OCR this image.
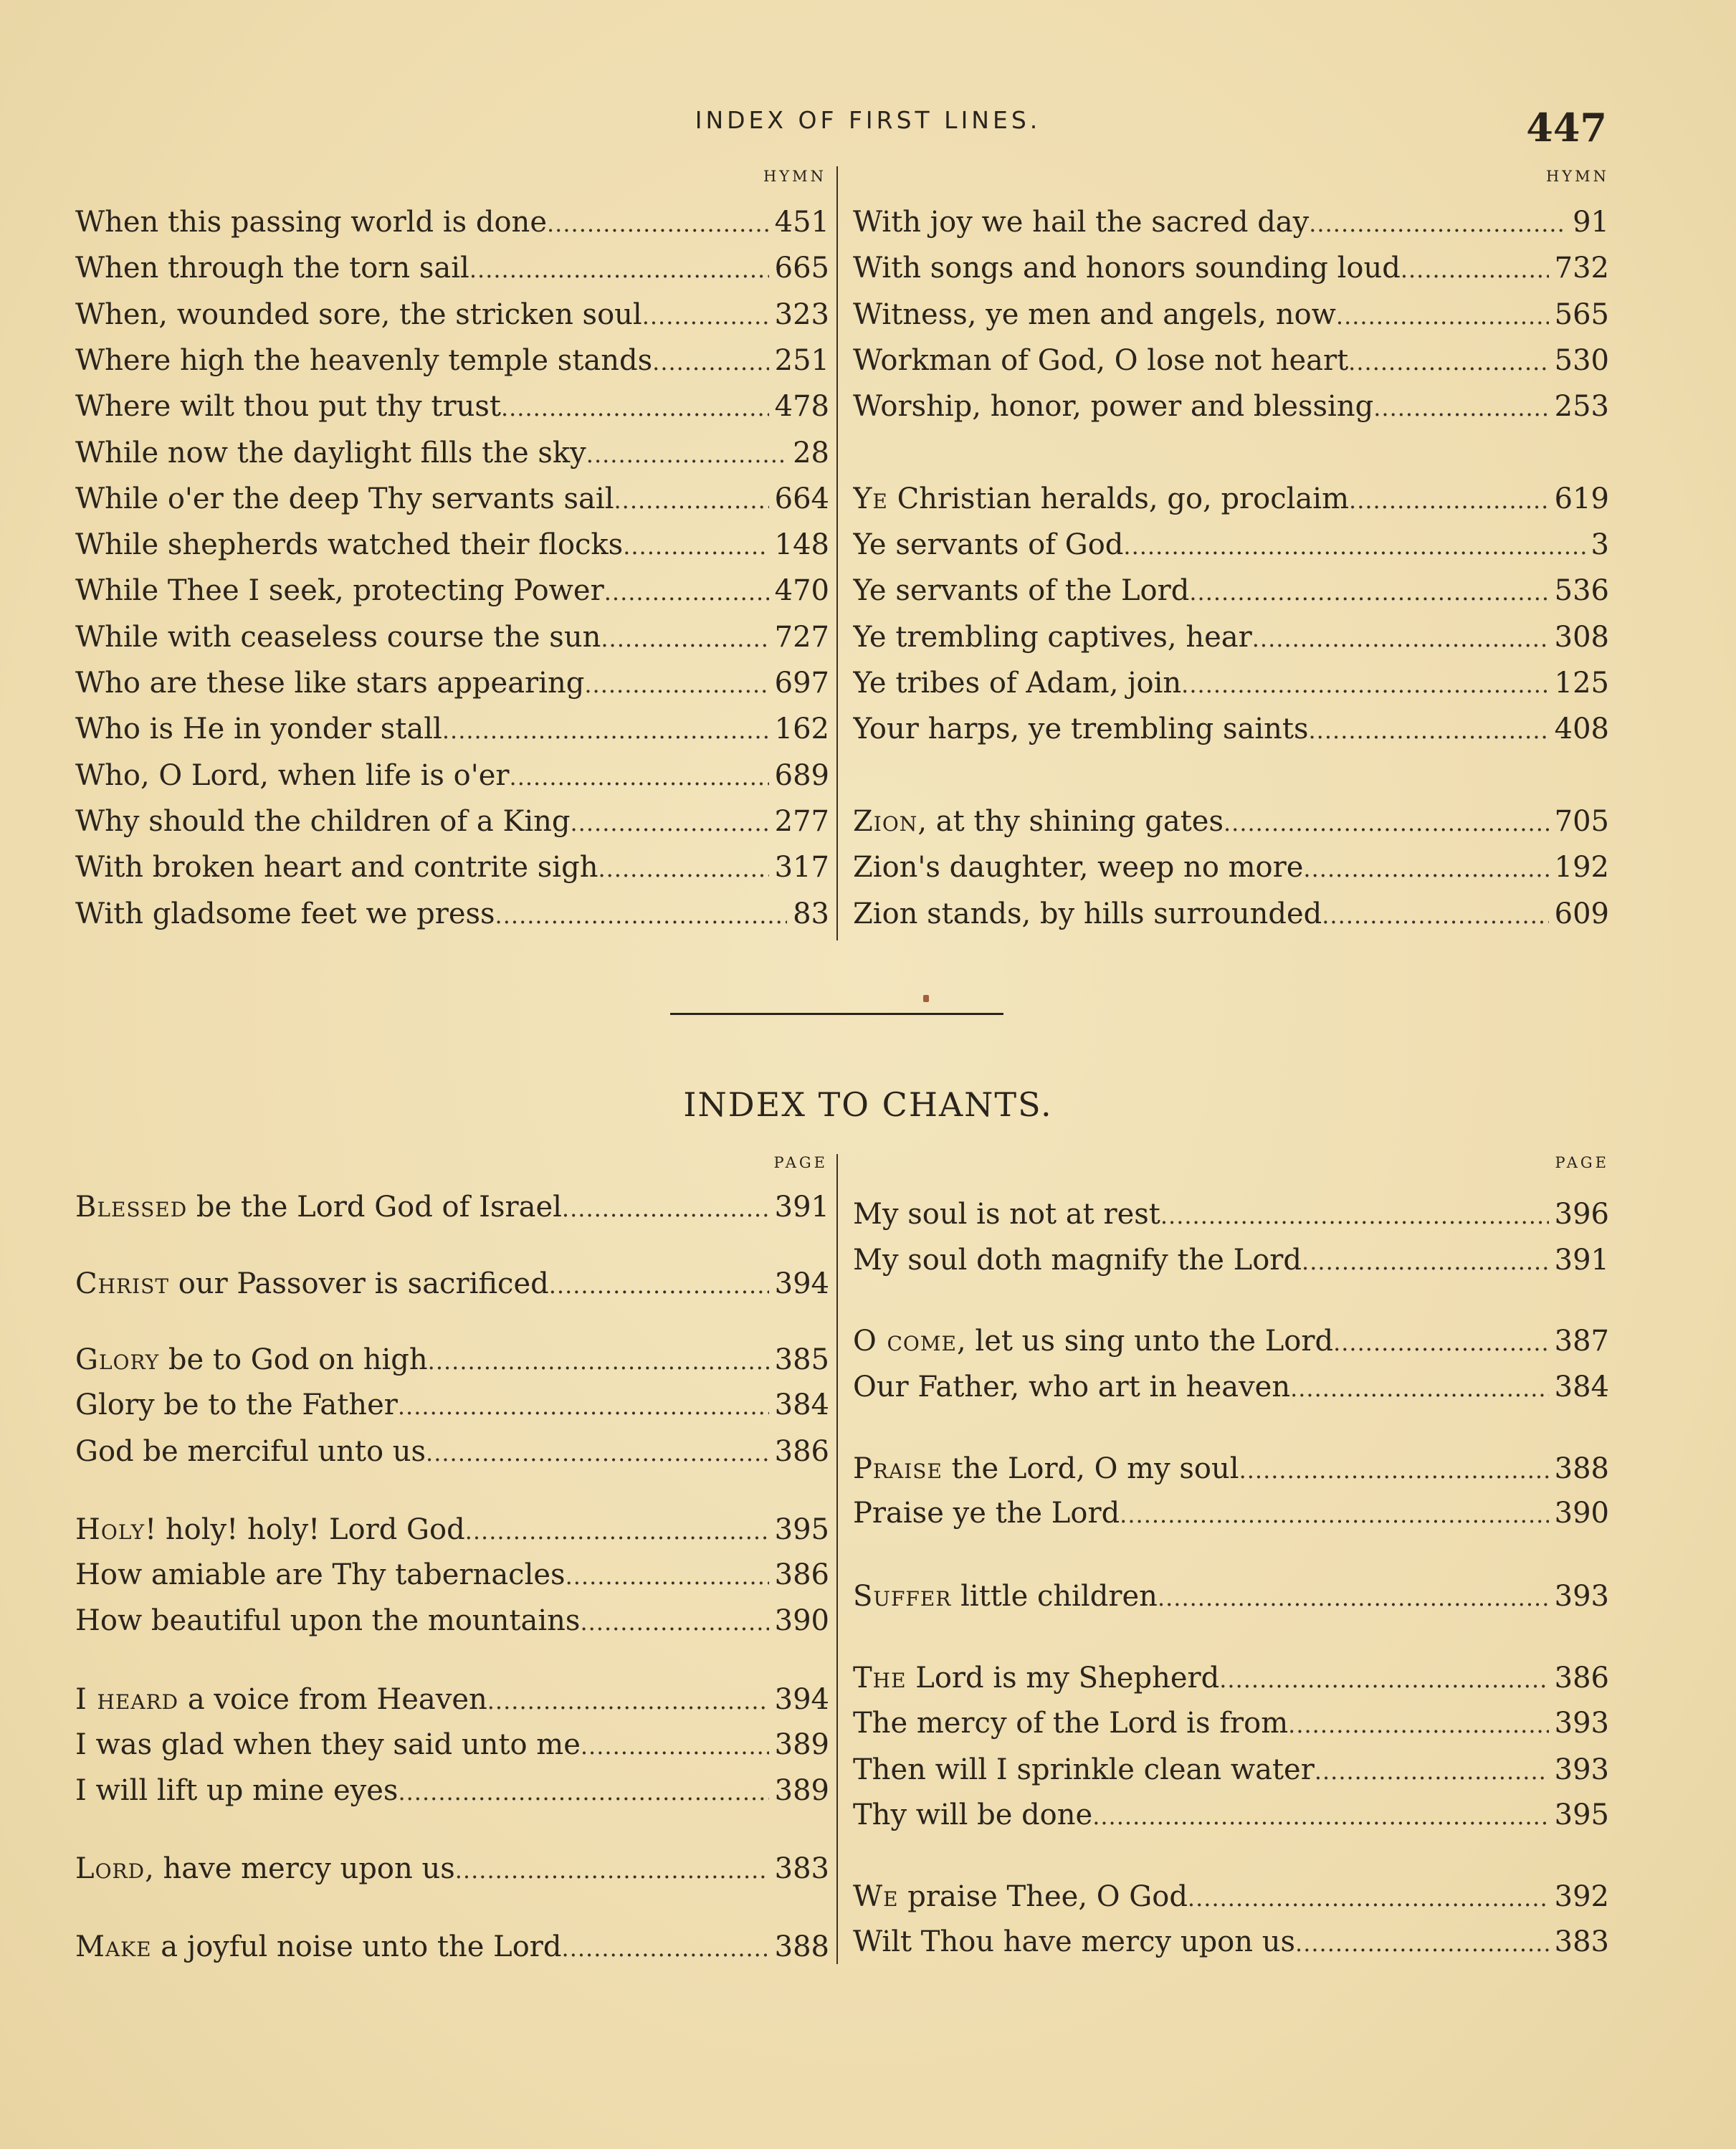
INDEX OF FIRST LINES.	447
HYMN
When this passing world is done .....	451
When through the torn sail .....	665
When, wounded sore, the stricken soul .....	323
Where high the heavenly temple stands .....	251
Where wilt thou put thy trust .....	478
While now the daylight fills the sky .....	28
While o'er the deep Thy servants sail .....	664
While shepherds watched their flocks .....	148
While Thee I seek, protecting Power .....	470
While with ceaseless course the sun .....	727
Who are these like stars appearing .....	697
Who is He in yonder stall .....	162
Who, O Lord, when life is o'er .....	689
Why should the children of a King .....	277
With broken heart and contrite sigh .....	317
With gladsome feet we press .....	83
HYMN
With joy we hail the sacred day .....	91
With songs and honors sounding loud .....	732
Witness, ye men and angels, now .....	565
Workman of God, O lose not heart .....	530
Worship, honor, power and blessing .....	253
Ye Christian heralds, go, proclaim .....	619
Ye servants of God .....	3
Ye servants of the Lord .....	536
Ye trembling captives, hear .....	308
Ye tribes of Adam, join .....	125
Your harps, ye trembling saints .....	408
Zion, at thy shining gates .....	705
Zion's daughter, weep no more .....	192
Zion stands, by hills surrounded .....	609
INDEX TO CHANTS.
PAGE
Blessed be the Lord God of Israel .....	391
Christ our Passover is sacrificed .....	394
Glory be to God on high .....	385
Glory be to the Father .....	384
God be merciful unto us .....	386
Holy! holy! holy! Lord God .....	395
How amiable are Thy tabernacles .....	386
How beautiful upon the mountains .....	390
I heard a voice from Heaven .....	394
I was glad when they said unto me .....	389
I will lift up mine eyes .....	389
Lord, have mercy upon us .....	383
Make a joyful noise unto the Lord .....	388
PAGE
My soul is not at rest .....	396
My soul doth magnify the Lord .....	391
O come, let us sing unto the Lord .....	387
Our Father, who art in heaven .....	384
Praise the Lord, O my soul .....	388
Praise ye the Lord .....	390
Suffer little children .....	393
The Lord is my Shepherd .....	386
The mercy of the Lord is from .....	393
Then will I sprinkle clean water .....	393
Thy will be done .....	395
We praise Thee, O God .....	392
Wilt Thou have mercy upon us .....	383
